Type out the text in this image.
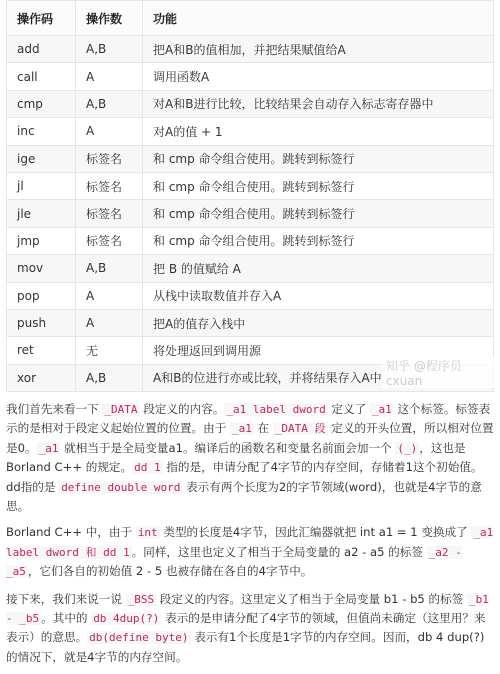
操作码	操作数	功能
add	A,B	把A和B的值相加，并把结果赋值给A
call	A	调用函数A
cmp	A,B	对A和B进行比较，比较结果会自动存入标志寄存器中
inc	A	对A的值 + 1
ige	标签名	和 cmp 命令组合使用。跳转到标签行
jl	标签名	和 cmp 命令组合使用。跳转到标签行
jle	标签名	和 cmp 命令组合使用。跳转到标签行
jmp	标签名	和 cmp 命令组合使用。跳转到标签行
mov	A,B	把 B 的值赋给 A
pop	A	从栈中读取数值并存入A
push	A	把A的值存入栈中
ret	无	将处理返回到调用源
xor	A,B	A和B的位进行亦或比较，并将结果存入A中
知乎 @程序员cxuan

我们首先来看一下 _DATA 段定义的内容。 _a1 label dword 定义了 _a1 这个标签。标签表示的是相对于段定义起始位置的位置。由于 _a1 在 _DATA 段 定义的开头位置，所以相对位置是0。 _a1 就相当于是全局变量a1。编译后的函数名和变量名前面会加一个 (_) ，这也是 Borland C++ 的规定。 dd 1 指的是，申请分配了4字节的内存空间，存储着1这个初始值。dd指的是 define double word 表示有两个长度为2的字节领域(word)，也就是4字节的意思。

Borland C++ 中，由于 int 类型的长度是4字节，因此汇编器就把 int a1 = 1 变换成了 _a1 label dword 和 dd 1 。同样，这里也定义了相当于全局变量的 a2 - a5 的标签 _a2 - _a5 ，它们各自的初始值 2 - 5 也被存储在各自的4字节中。

接下来，我们来说一说 _BSS 段定义的内容。这里定义了相当于全局变量 b1 - b5 的标签 _b1 - _b5 。其中的 db 4dup(?) 表示的是申请分配了4字节的领域，但值尚未确定（这里用？来表示）的意思。 db(define byte) 表示有1个长度是1字节的内存空间。因而，db 4 dup(?) 的情况下，就是4字节的内存空间。
